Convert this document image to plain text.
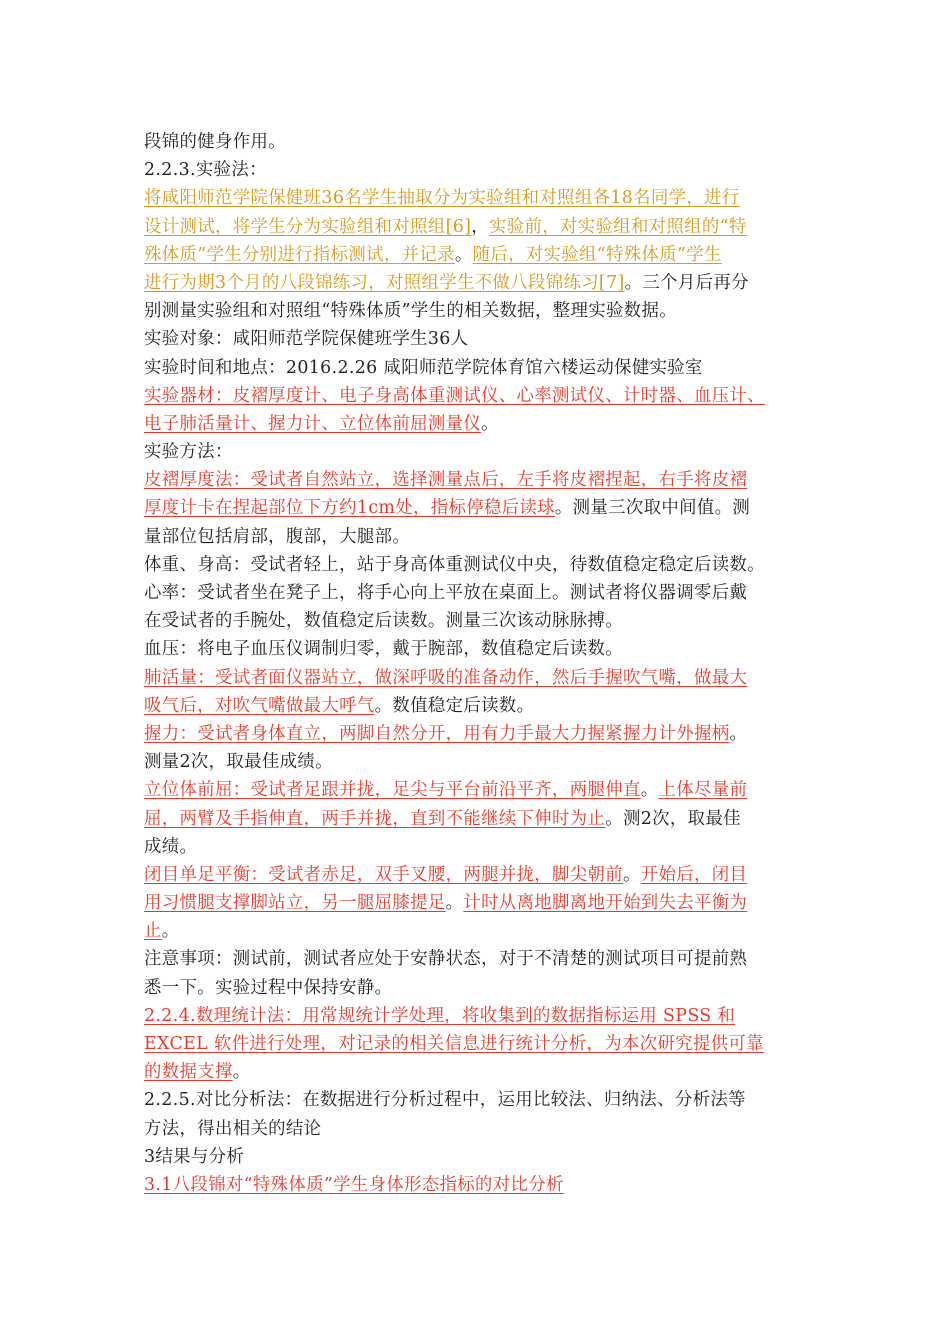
段锦的健身作用。
2.2.3.实验法：
将咸阳师范学院保健班36名学生抽取分为实验组和对照组各18名同学，进行
设计测试，将学生分为实验组和对照组[6]，实验前，对实验组和对照组的“特
殊体质”学生分别进行指标测试，并记录。随后，对实验组“特殊体质”学生
进行为期3个月的八段锦练习，对照组学生不做八段锦练习[7]。三个月后再分
别测量实验组和对照组“特殊体质”学生的相关数据，整理实验数据。
实验对象：咸阳师范学院保健班学生36人
实验时间和地点：2016.2.26 咸阳师范学院体育馆六楼运动保健实验室
实验器材：皮褶厚度计、电子身高体重测试仪、心率测试仪、计时器、血压计、
电子肺活量计、握力计、立位体前屈测量仪。
实验方法：
皮褶厚度法：受试者自然站立，选择测量点后，左手将皮褶捏起，右手将皮褶
厚度计卡在捏起部位下方约1cm处，指标停稳后读球。测量三次取中间值。测
量部位包括肩部，腹部，大腿部。
体重、身高：受试者轻上，站于身高体重测试仪中央，待数值稳定稳定后读数。
心率：受试者坐在凳子上，将手心向上平放在桌面上。测试者将仪器调零后戴
在受试者的手腕处，数值稳定后读数。测量三次该动脉脉搏。
血压：将电子血压仪调制归零，戴于腕部，数值稳定后读数。
肺活量：受试者面仪器站立，做深呼吸的准备动作，然后手握吹气嘴，做最大
吸气后，对吹气嘴做最大呼气。数值稳定后读数。
握力：受试者身体直立，两脚自然分开，用有力手最大力握紧握力计外握柄。
测量2次，取最佳成绩。
立位体前屈：受试者足跟并拢，足尖与平台前沿平齐，两腿伸直。上体尽量前
屈，两臂及手指伸直，两手并拢，直到不能继续下伸时为止。测2次，取最佳
成绩。
闭目单足平衡：受试者赤足，双手叉腰，两腿并拢，脚尖朝前。开始后，闭目
用习惯腿支撑脚站立，另一腿屈膝提足。计时从离地脚离地开始到失去平衡为
止。
注意事项：测试前，测试者应处于安静状态，对于不清楚的测试项目可提前熟
悉一下。实验过程中保持安静。
2.2.4.数理统计法：用常规统计学处理，将收集到的数据指标运用 SPSS 和
EXCEL 软件进行处理，对记录的相关信息进行统计分析，为本次研究提供可靠
的数据支撑。
2.2.5.对比分析法：在数据进行分析过程中，运用比较法、归纳法、分析法等
方法，得出相关的结论
3结果与分析
3.1八段锦对“特殊体质”学生身体形态指标的对比分析
